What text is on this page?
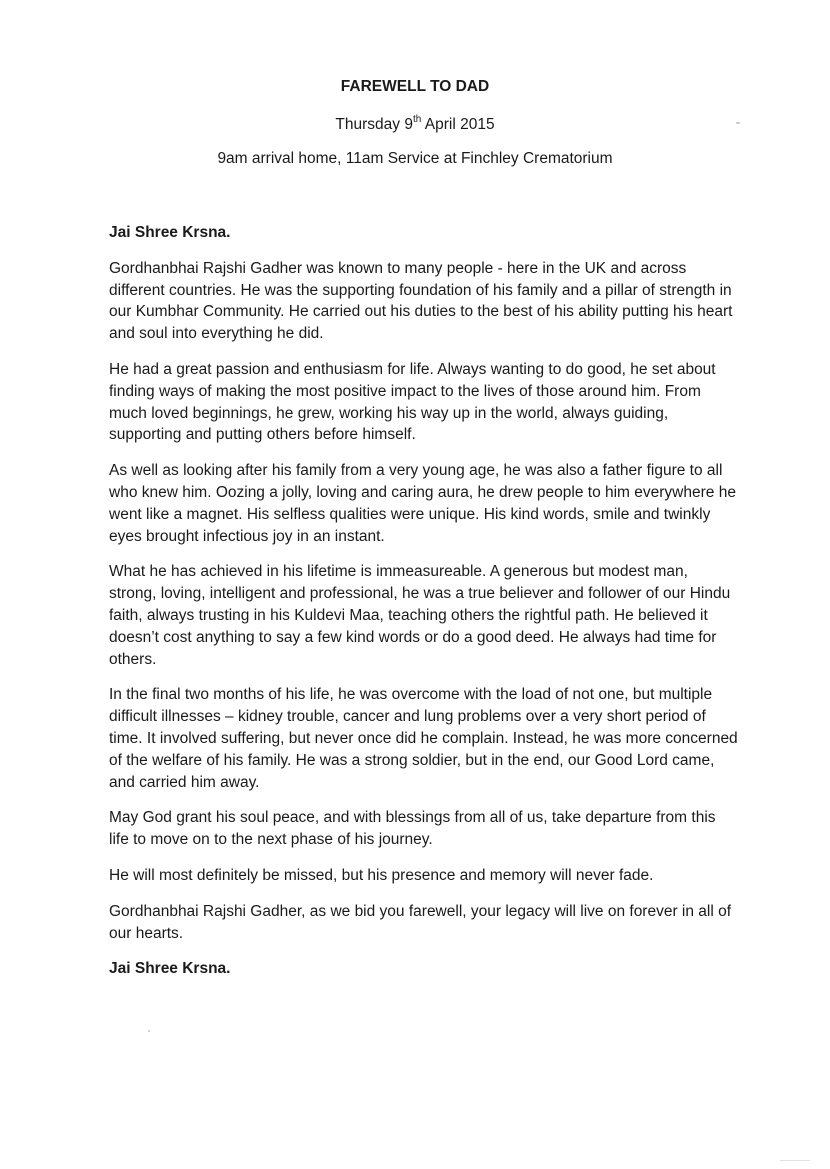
FAREWELL TO DAD
Thursday 9th April 2015
9am arrival home, 11am Service at Finchley Crematorium

Jai Shree Krsna.

Gordhanbhai Rajshi Gadher was known to many people - here in the UK and across different countries. He was the supporting foundation of his family and a pillar of strength in our Kumbhar Community. He carried out his duties to the best of his ability putting his heart and soul into everything he did.

He had a great passion and enthusiasm for life. Always wanting to do good, he set about finding ways of making the most positive impact to the lives of those around him. From much loved beginnings, he grew, working his way up in the world, always guiding, supporting and putting others before himself.

As well as looking after his family from a very young age, he was also a father figure to all who knew him. Oozing a jolly, loving and caring aura, he drew people to him everywhere he went like a magnet. His selfless qualities were unique. His kind words, smile and twinkly eyes brought infectious joy in an instant.

What he has achieved in his lifetime is immeasureable. A generous but modest man, strong, loving, intelligent and professional, he was a true believer and follower of our Hindu faith, always trusting in his Kuldevi Maa, teaching others the rightful path. He believed it doesn’t cost anything to say a few kind words or do a good deed. He always had time for others.

In the final two months of his life, he was overcome with the load of not one, but multiple difficult illnesses – kidney trouble, cancer and lung problems over a very short period of time. It involved suffering, but never once did he complain. Instead, he was more concerned of the welfare of his family. He was a strong soldier, but in the end, our Good Lord came, and carried him away.

May God grant his soul peace, and with blessings from all of us, take departure from this life to move on to the next phase of his journey.

He will most definitely be missed, but his presence and memory will never fade.

Gordhanbhai Rajshi Gadher, as we bid you farewell, your legacy will live on forever in all of our hearts.

Jai Shree Krsna.
